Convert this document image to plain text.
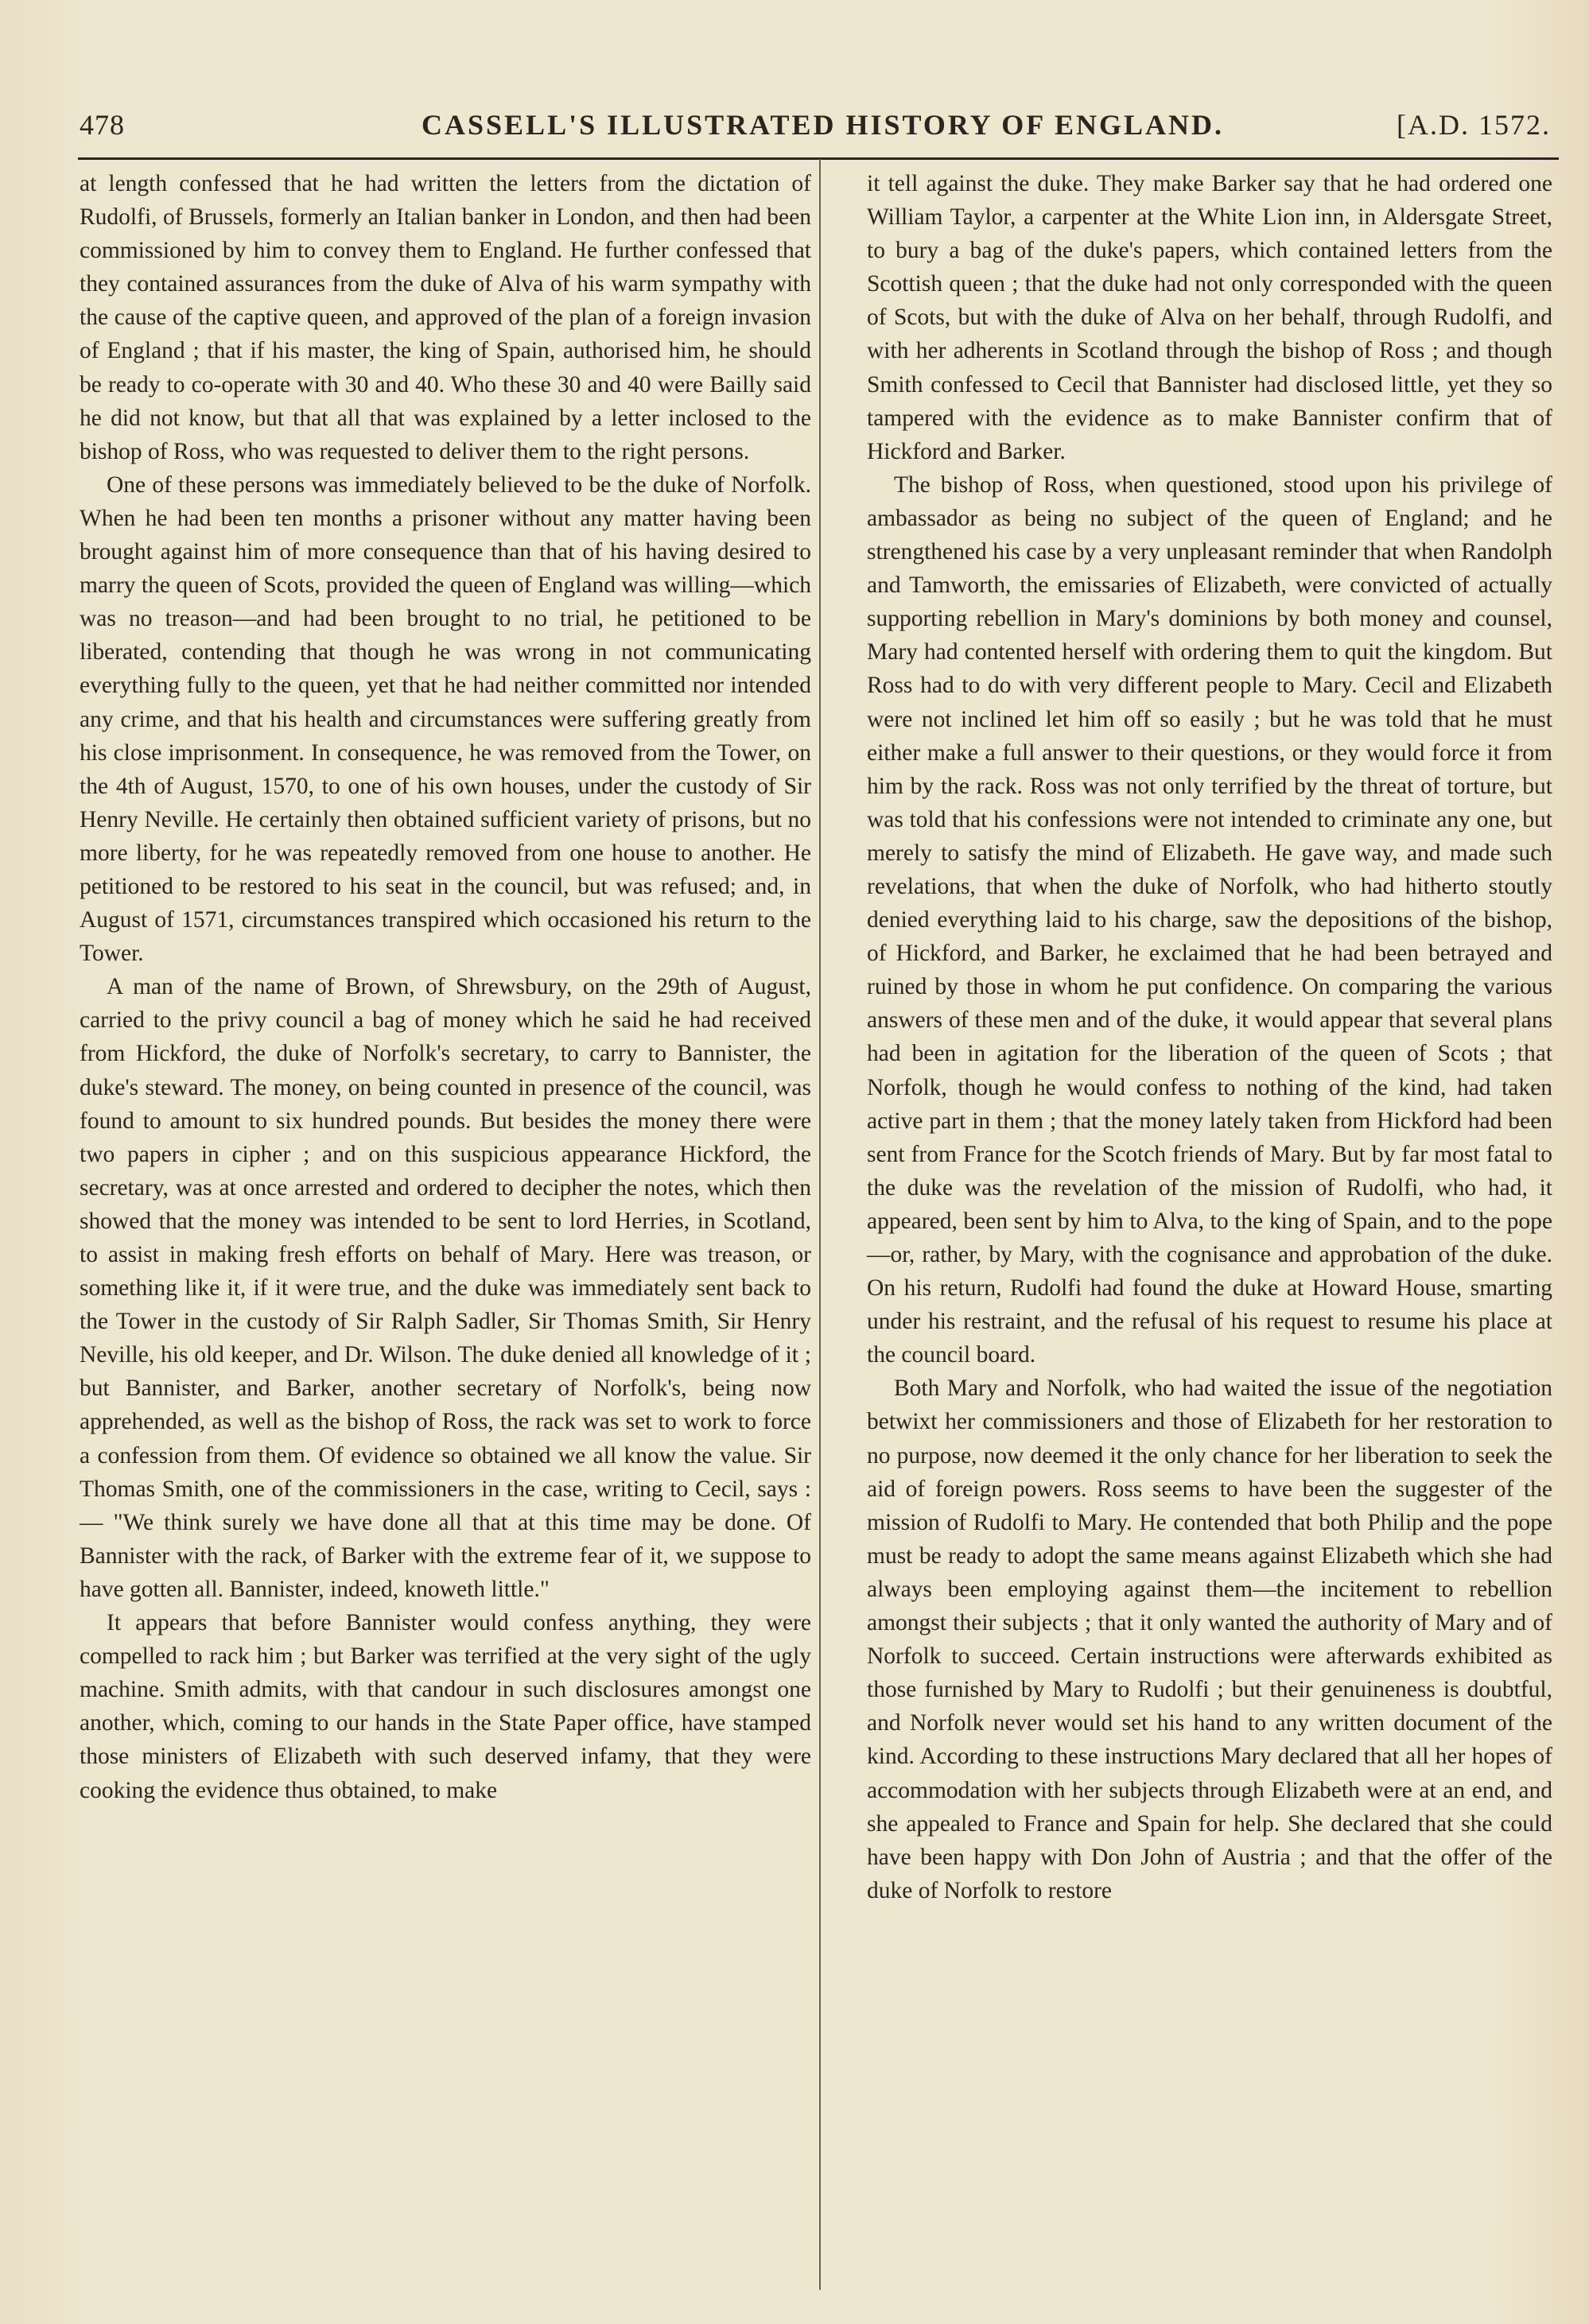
478	CASSELL'S ILLUSTRATED HISTORY OF ENGLAND.	[A.D. 1572.

at length confessed that he had written the letters from the dictation of Rudolfi, of Brussels, formerly an Italian banker in London, and then had been commissioned by him to convey them to England. He further confessed that they contained assurances from the duke of Alva of his warm sympathy with the cause of the captive queen, and approved of the plan of a foreign invasion of England ; that if his master, the king of Spain, authorised him, he should be ready to co-operate with 30 and 40. Who these 30 and 40 were Bailly said he did not know, but that all that was explained by a letter inclosed to the bishop of Ross, who was requested to deliver them to the right persons.

One of these persons was immediately believed to be the duke of Norfolk. When he had been ten months a prisoner without any matter having been brought against him of more consequence than that of his having desired to marry the queen of Scots, provided the queen of England was willing—which was no treason—and had been brought to no trial, he petitioned to be liberated, contending that though he was wrong in not communicating everything fully to the queen, yet that he had neither committed nor intended any crime, and that his health and circumstances were suffering greatly from his close imprisonment. In consequence, he was removed from the Tower, on the 4th of August, 1570, to one of his own houses, under the custody of Sir Henry Neville. He certainly then obtained sufficient variety of prisons, but no more liberty, for he was repeatedly removed from one house to another. He petitioned to be restored to his seat in the council, but was refused; and, in August of 1571, circumstances transpired which occasioned his return to the Tower.

A man of the name of Brown, of Shrewsbury, on the 29th of August, carried to the privy council a bag of money which he said he had received from Hickford, the duke of Norfolk's secretary, to carry to Bannister, the duke's steward. The money, on being counted in presence of the council, was found to amount to six hundred pounds. But besides the money there were two papers in cipher ; and on this suspicious appearance Hickford, the secretary, was at once arrested and ordered to decipher the notes, which then showed that the money was intended to be sent to lord Herries, in Scotland, to assist in making fresh efforts on behalf of Mary. Here was treason, or something like it, if it were true, and the duke was immediately sent back to the Tower in the custody of Sir Ralph Sadler, Sir Thomas Smith, Sir Henry Neville, his old keeper, and Dr. Wilson. The duke denied all knowledge of it ; but Bannister, and Barker, another secretary of Norfolk's, being now apprehended, as well as the bishop of Ross, the rack was set to work to force a confession from them. Of evidence so obtained we all know the value. Sir Thomas Smith, one of the commissioners in the case, writing to Cecil, says :— "We think surely we have done all that at this time may be done. Of Bannister with the rack, of Barker with the extreme fear of it, we suppose to have gotten all. Bannister, indeed, knoweth little."

It appears that before Bannister would confess anything, they were compelled to rack him ; but Barker was terrified at the very sight of the ugly machine. Smith admits, with that candour in such disclosures amongst one another, which, coming to our hands in the State Paper office, have stamped those ministers of Elizabeth with such deserved infamy, that they were cooking the evidence thus obtained, to make

it tell against the duke. They make Barker say that he had ordered one William Taylor, a carpenter at the White Lion inn, in Aldersgate Street, to bury a bag of the duke's papers, which contained letters from the Scottish queen ; that the duke had not only corresponded with the queen of Scots, but with the duke of Alva on her behalf, through Rudolfi, and with her adherents in Scotland through the bishop of Ross ; and though Smith confessed to Cecil that Bannister had disclosed little, yet they so tampered with the evidence as to make Bannister confirm that of Hickford and Barker.

The bishop of Ross, when questioned, stood upon his privilege of ambassador as being no subject of the queen of England; and he strengthened his case by a very unpleasant reminder that when Randolph and Tamworth, the emissaries of Elizabeth, were convicted of actually supporting rebellion in Mary's dominions by both money and counsel, Mary had contented herself with ordering them to quit the kingdom. But Ross had to do with very different people to Mary. Cecil and Elizabeth were not inclined let him off so easily ; but he was told that he must either make a full answer to their questions, or they would force it from him by the rack. Ross was not only terrified by the threat of torture, but was told that his confessions were not intended to criminate any one, but merely to satisfy the mind of Elizabeth. He gave way, and made such revelations, that when the duke of Norfolk, who had hitherto stoutly denied everything laid to his charge, saw the depositions of the bishop, of Hickford, and Barker, he exclaimed that he had been betrayed and ruined by those in whom he put confidence. On comparing the various answers of these men and of the duke, it would appear that several plans had been in agitation for the liberation of the queen of Scots ; that Norfolk, though he would confess to nothing of the kind, had taken active part in them ; that the money lately taken from Hickford had been sent from France for the Scotch friends of Mary. But by far most fatal to the duke was the revelation of the mission of Rudolfi, who had, it appeared, been sent by him to Alva, to the king of Spain, and to the pope—or, rather, by Mary, with the cognisance and approbation of the duke. On his return, Rudolfi had found the duke at Howard House, smarting under his restraint, and the refusal of his request to resume his place at the council board.

Both Mary and Norfolk, who had waited the issue of the negotiation betwixt her commissioners and those of Elizabeth for her restoration to no purpose, now deemed it the only chance for her liberation to seek the aid of foreign powers. Ross seems to have been the suggester of the mission of Rudolfi to Mary. He contended that both Philip and the pope must be ready to adopt the same means against Elizabeth which she had always been employing against them—the incitement to rebellion amongst their subjects ; that it only wanted the authority of Mary and of Norfolk to succeed. Certain instructions were afterwards exhibited as those furnished by Mary to Rudolfi ; but their genuineness is doubtful, and Norfolk never would set his hand to any written document of the kind. According to these instructions Mary declared that all her hopes of accommodation with her subjects through Elizabeth were at an end, and she appealed to France and Spain for help. She declared that she could have been happy with Don John of Austria ; and that the offer of the duke of Norfolk to restore
